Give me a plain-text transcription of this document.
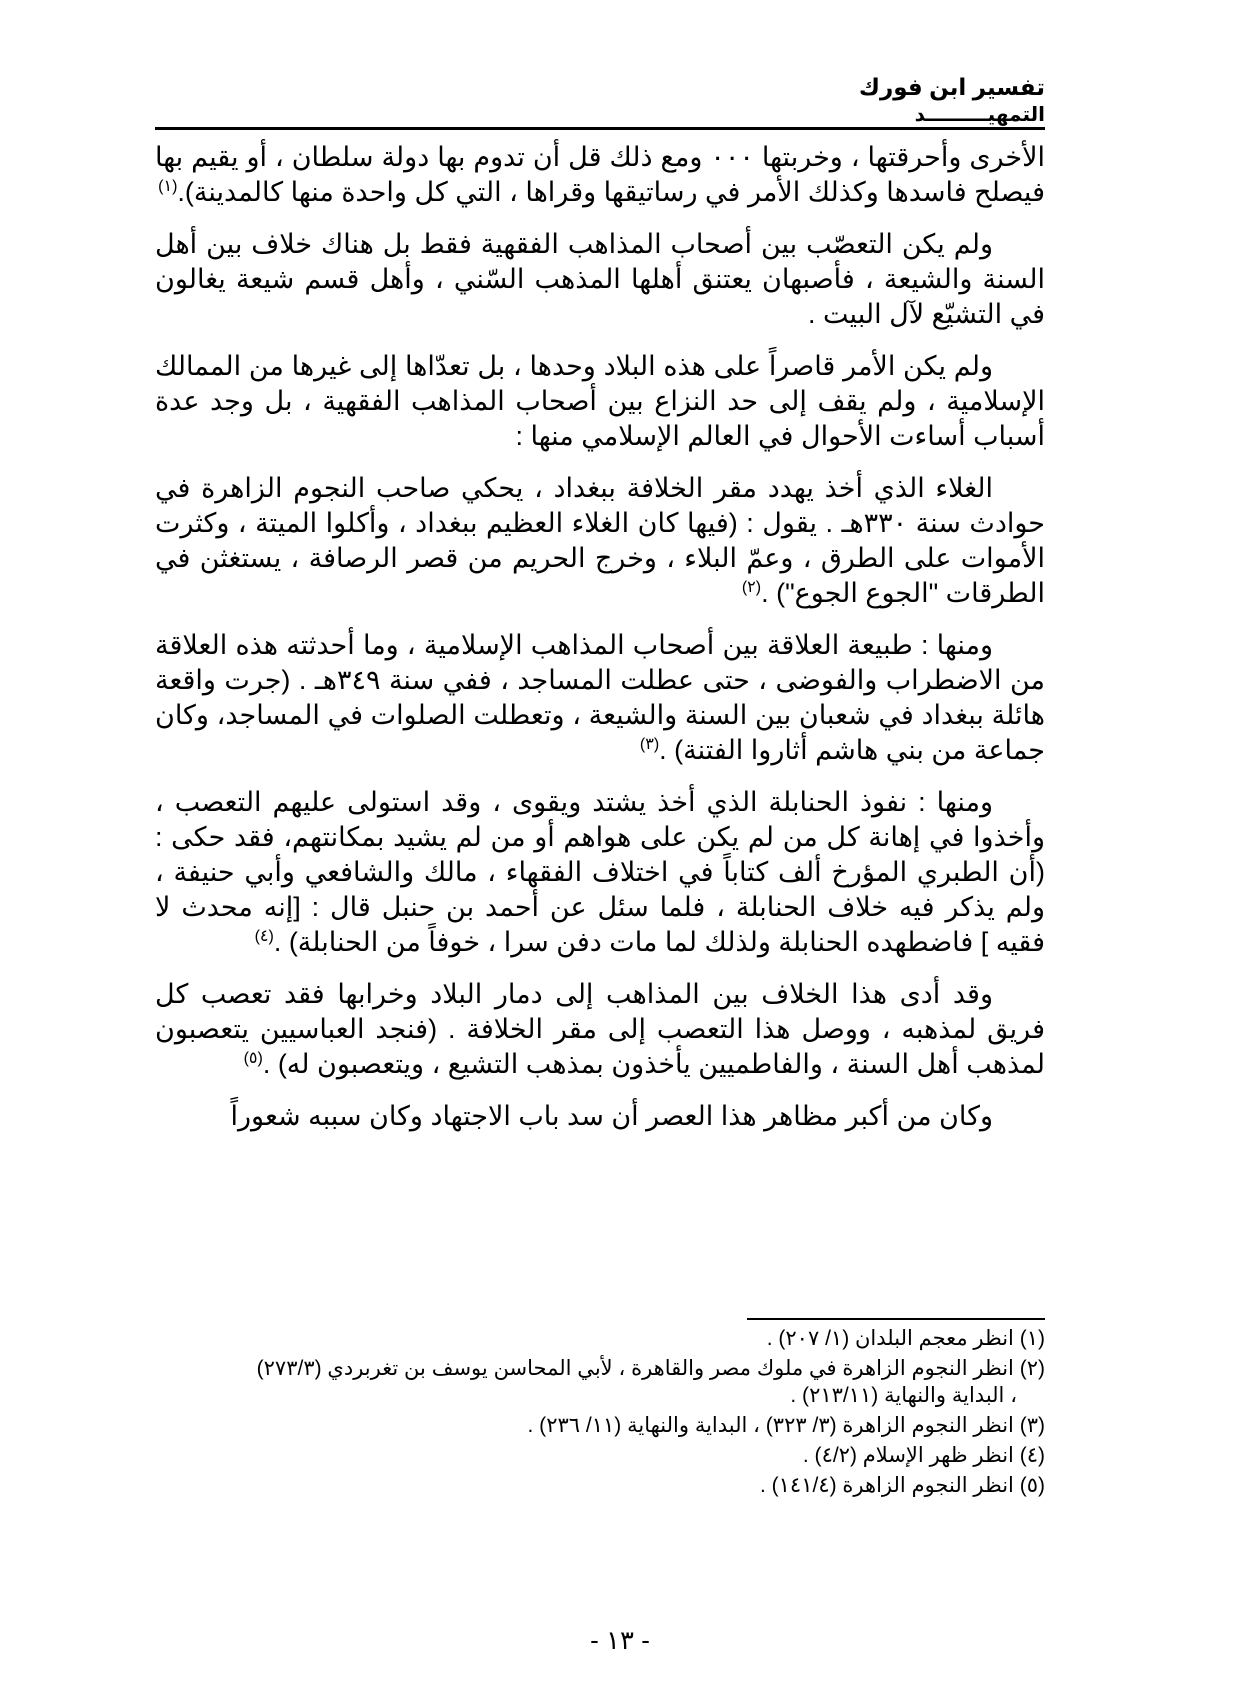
تفسير ابن فورك
التمهيـــــــــد

الأخرى وأحرقتها ، وخربتها ٠٠٠ ومع ذلك قل أن تدوم بها دولة سلطان ، أو يقيم بها فيصلح فاسدها وكذلك الأمر في رساتيقها وقراها ، التي كل واحدة منها كالمدينة).$^{(١)}$

ولم يكن التعصّب بين أصحاب المذاهب الفقهية فقط بل هناك خلاف بين أهل السنة والشيعة ، فأصبهان يعتنق أهلها المذهب السّني ، وأهل قسم شيعة يغالون في التشيّع لآل البيت .

ولم يكن الأمر قاصراً على هذه البلاد وحدها ، بل تعدّاها إلى غيرها من الممالك الإسلامية ، ولم يقف إلى حد النزاع بين أصحاب المذاهب الفقهية ، بل وجد عدة أسباب أساءت الأحوال في العالم الإسلامي منها :

الغلاء الذي أخذ يهدد مقر الخلافة ببغداد ، يحكي صاحب النجوم الزاهرة في حوادث سنة ٣٣٠هـ . يقول : (فيها كان الغلاء العظيم ببغداد ، وأكلوا الميتة ، وكثرت الأموات على الطرق ، وعمّ البلاء ، وخرج الحريم من قصر الرصافة ، يستغثن في الطرقات "الجوع الجوع") .$^{(٢)}$

ومنها : طبيعة العلاقة بين أصحاب المذاهب الإسلامية ، وما أحدثته هذه العلاقة من الاضطراب والفوضى ، حتى عطلت المساجد ، ففي سنة ٣٤٩هـ . (جرت واقعة هائلة ببغداد في شعبان بين السنة والشيعة ، وتعطلت الصلوات في المساجد، وكان جماعة من بني هاشم أثاروا الفتنة) .$^{(٣)}$

ومنها : نفوذ الحنابلة الذي أخذ يشتد ويقوى ، وقد استولى عليهم التعصب ، وأخذوا في إهانة كل من لم يكن على هواهم أو من لم يشيد بمكانتهم، فقد حكى : (أن الطبري المؤرخ ألف كتاباً في اختلاف الفقهاء ، مالك والشافعي وأبي حنيفة ، ولم يذكر فيه خلاف الحنابلة ، فلما سئل عن أحمد بن حنبل قال : [إنه محدث لا فقيه ] فاضطهده الحنابلة ولذلك لما مات دفن سرا ، خوفاً من الحنابلة) .$^{(٤)}$

وقد أدى هذا الخلاف بين المذاهب إلى دمار البلاد وخرابها فقد تعصب كل فريق لمذهبه ، ووصل هذا التعصب إلى مقر الخلافة . (فنجد العباسيين يتعصبون لمذهب أهل السنة ، والفاطميين يأخذون بمذهب التشيع ، ويتعصبون له) .$^{(٥)}$

وكان من أكبر مظاهر هذا العصر أن سد باب الاجتهاد وكان سببه شعوراً

(١) انظر معجم البلدان (١/ ٢٠٧) .
(٢) انظر النجوم الزاهرة في ملوك مصر والقاهرة ، لأبي المحاسن يوسف بن تغربردي (٢٧٣/٣)
، البداية والنهاية (٢١٣/١١) .
(٣) انظر النجوم الزاهرة (٣/ ٣٢٣) ، البداية والنهاية (١١/ ٢٣٦) .
(٤) انظر ظهر الإسلام (٤/٢) .
(٥) انظر النجوم الزاهرة (١٤١/٤) .
- ١٣ -
